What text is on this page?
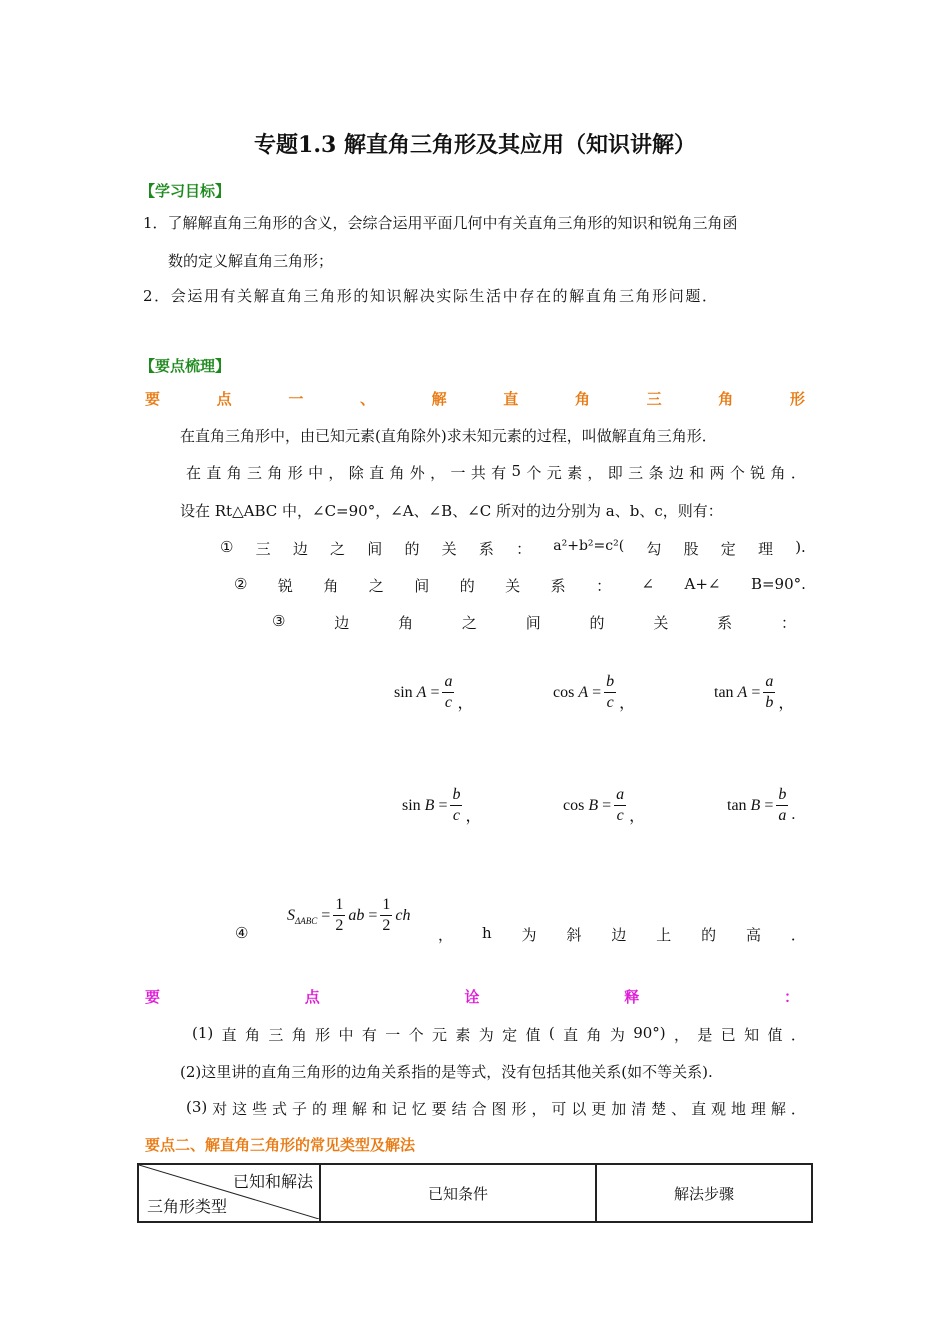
专题1.3 解直角三角形及其应用（知识讲解）
【学习目标】
1．了解解直角三角形的含义，会综合运用平面几何中有关直角三角形的知识和锐角三角函
数的定义解直角三角形；
2．会运用有关解直角三角形的知识解决实际生活中存在的解直角三角形问题．
【要点梳理】
要	点	一	、	解	直	角	三	角	形
在直角三角形中，由已知元素(直角除外)求未知元素的过程，叫做解直角三角形．
在 直 角 三 角 形 中 ， 除 直 角 外 ， 一 共 有 5 个 元 素 ， 即 三 条 边 和 两 个 锐 角 ．
设在 Rt△ABC 中，∠C=90°，∠A、∠B、∠C 所对的边分别为 a、b、c，则有：
① 三 边 之 间 的 关 系 ： a²+b²=c²( 勾 股 定 理 ).
② 锐 角 之 间 的 关 系 ： ∠ A+∠ B=90°.
③	边	角	之	间	的	关	系	：
sin
$A = \frac{a}{c}$ ，
cos
$A = \frac{b}{c}$ ，
tan
$A = \frac{a}{b}$ ，
sin
$B = \frac{b}{c}$ ，
cos
$B = \frac{a}{c}$ ，
tan
$B = \frac{b}{a}$ .
④
$S_{\Delta ABC} = \frac{1}{2}$ ab = $\frac{1}{2}$ ch
， h 为 斜 边 上 的 高 ．
要	点	诠	释	：
(1) 直 角 三 角 形 中 有 一 个 元 素 为 定 值 ( 直 角 为 90°) ， 是 已 知 值 ．
(2)这里讲的直角三角形的边角关系指的是等式，没有包括其他关系(如不等关系).
(3) 对 这 些 式 子 的 理 解 和 记 忆 要 结 合 图 形 ， 可 以 更 加 清 楚 、 直 观 地 理 解 ．
要点二、解直角三角形的常见类型及解法
已知和解法
三角形类型
	已知条件	解法步骤
